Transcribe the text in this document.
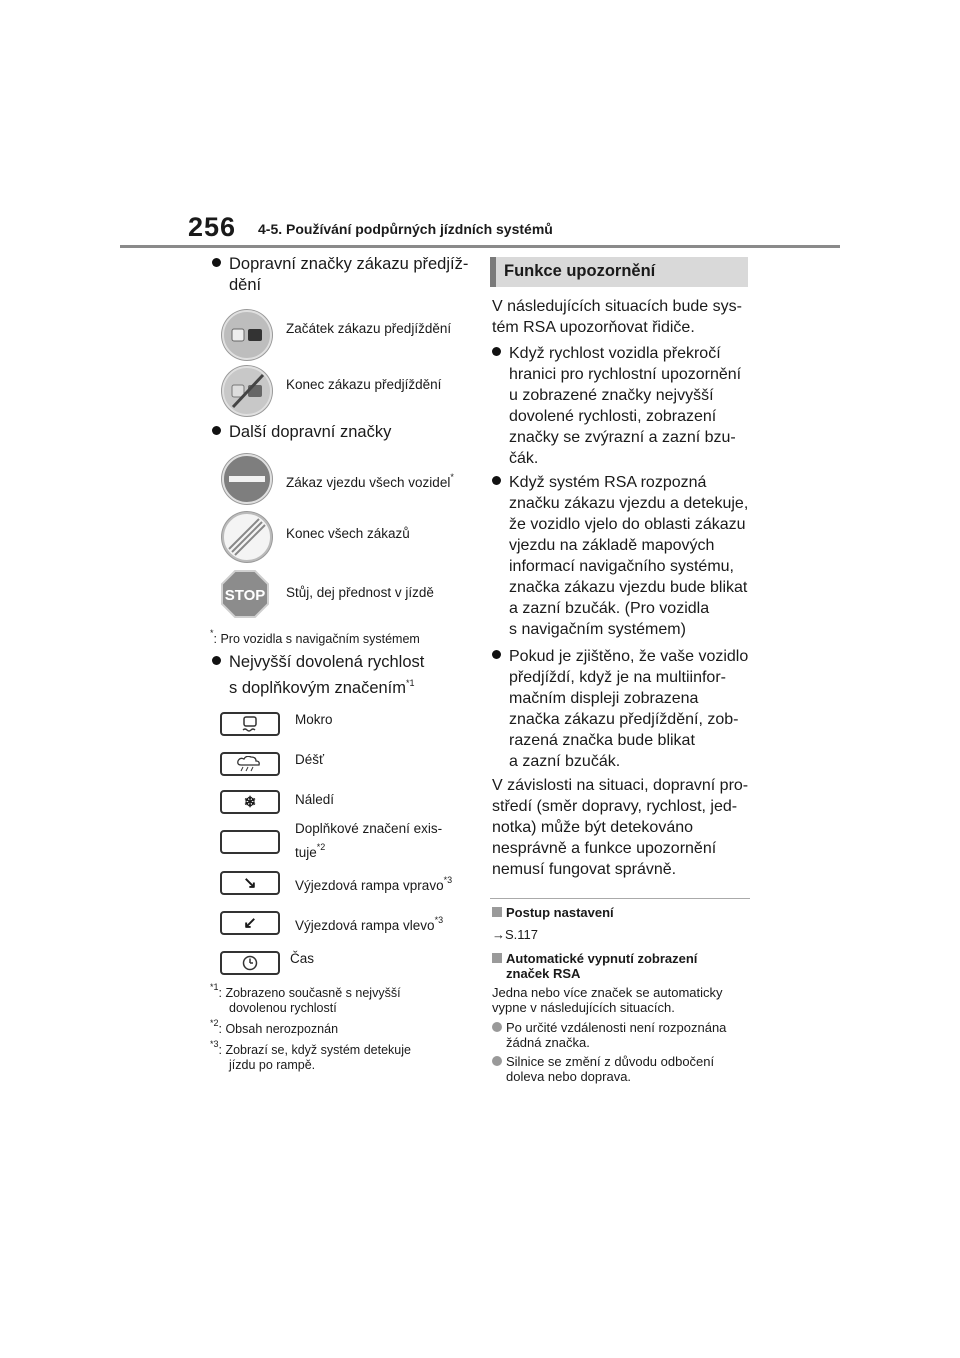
256 4-5. Používání podpůrných jízdních systémů
Dopravní značky zákazu předjíž-
dění
Začátek zákazu předjíždění
Konec zákazu předjíždění
Další dopravní značky
Zákaz vjezdu všech vozidel*
Konec všech zákazů
STOP Stůj, dej přednost v jízdě
*: Pro vozidla s navigačním systémem
Nejvyšší dovolená rychlost
s doplňkovým značením$^{*1}$
Mokro
Déšť
❄	Náledí
Doplňkové značení exis-
tuje$^{*2}$
↘	Výjezdová rampa vpravo$^{*3}$
↙	Výjezdová rampa vlevo$^{*3}$
Čas
$^{*1}$: Zobrazeno současně s nejvyšší
dovolenou rychlostí
$^{*2}$: Obsah nerozpoznán
$^{*3}$: Zobrazí se, když systém detekuje
jízdu po rampě.
Funkce upozornění
V následujících situacích bude sys-
tém RSA upozorňovat řidiče.
Když rychlost vozidla překročí
hranici pro rychlostní upozornění
u zobrazené značky nejvyšší
dovolené rychlosti, zobrazení
značky se zvýrazní a zazní bzu-
čák.
Když systém RSA rozpozná
značku zákazu vjezdu a detekuje,
že vozidlo vjelo do oblasti zákazu
vjezdu na základě mapových
informací navigačního systému,
značka zákazu vjezdu bude blikat
a zazní bzučák. (Pro vozidla
s navigačním systémem)
Pokud je zjištěno, že vaše vozidlo
předjíždí, když je na multiinfor-
mačním displeji zobrazena
značka zákazu předjíždění, zob-
razená značka bude blikat
a zazní bzučák.
V závislosti na situaci, dopravní pro-
středí (směr dopravy, rychlost, jed-
notka) může být detekováno
nesprávně a funkce upozornění
nemusí fungovat správně.
Postup nastavení
→S.117
Automatické vypnutí zobrazení
značek RSA
Jedna nebo více značek se automaticky
vypne v následujících situacích.
Po určité vzdálenosti není rozpoznána
žádná značka.
Silnice se změní z důvodu odbočení
doleva nebo doprava.
